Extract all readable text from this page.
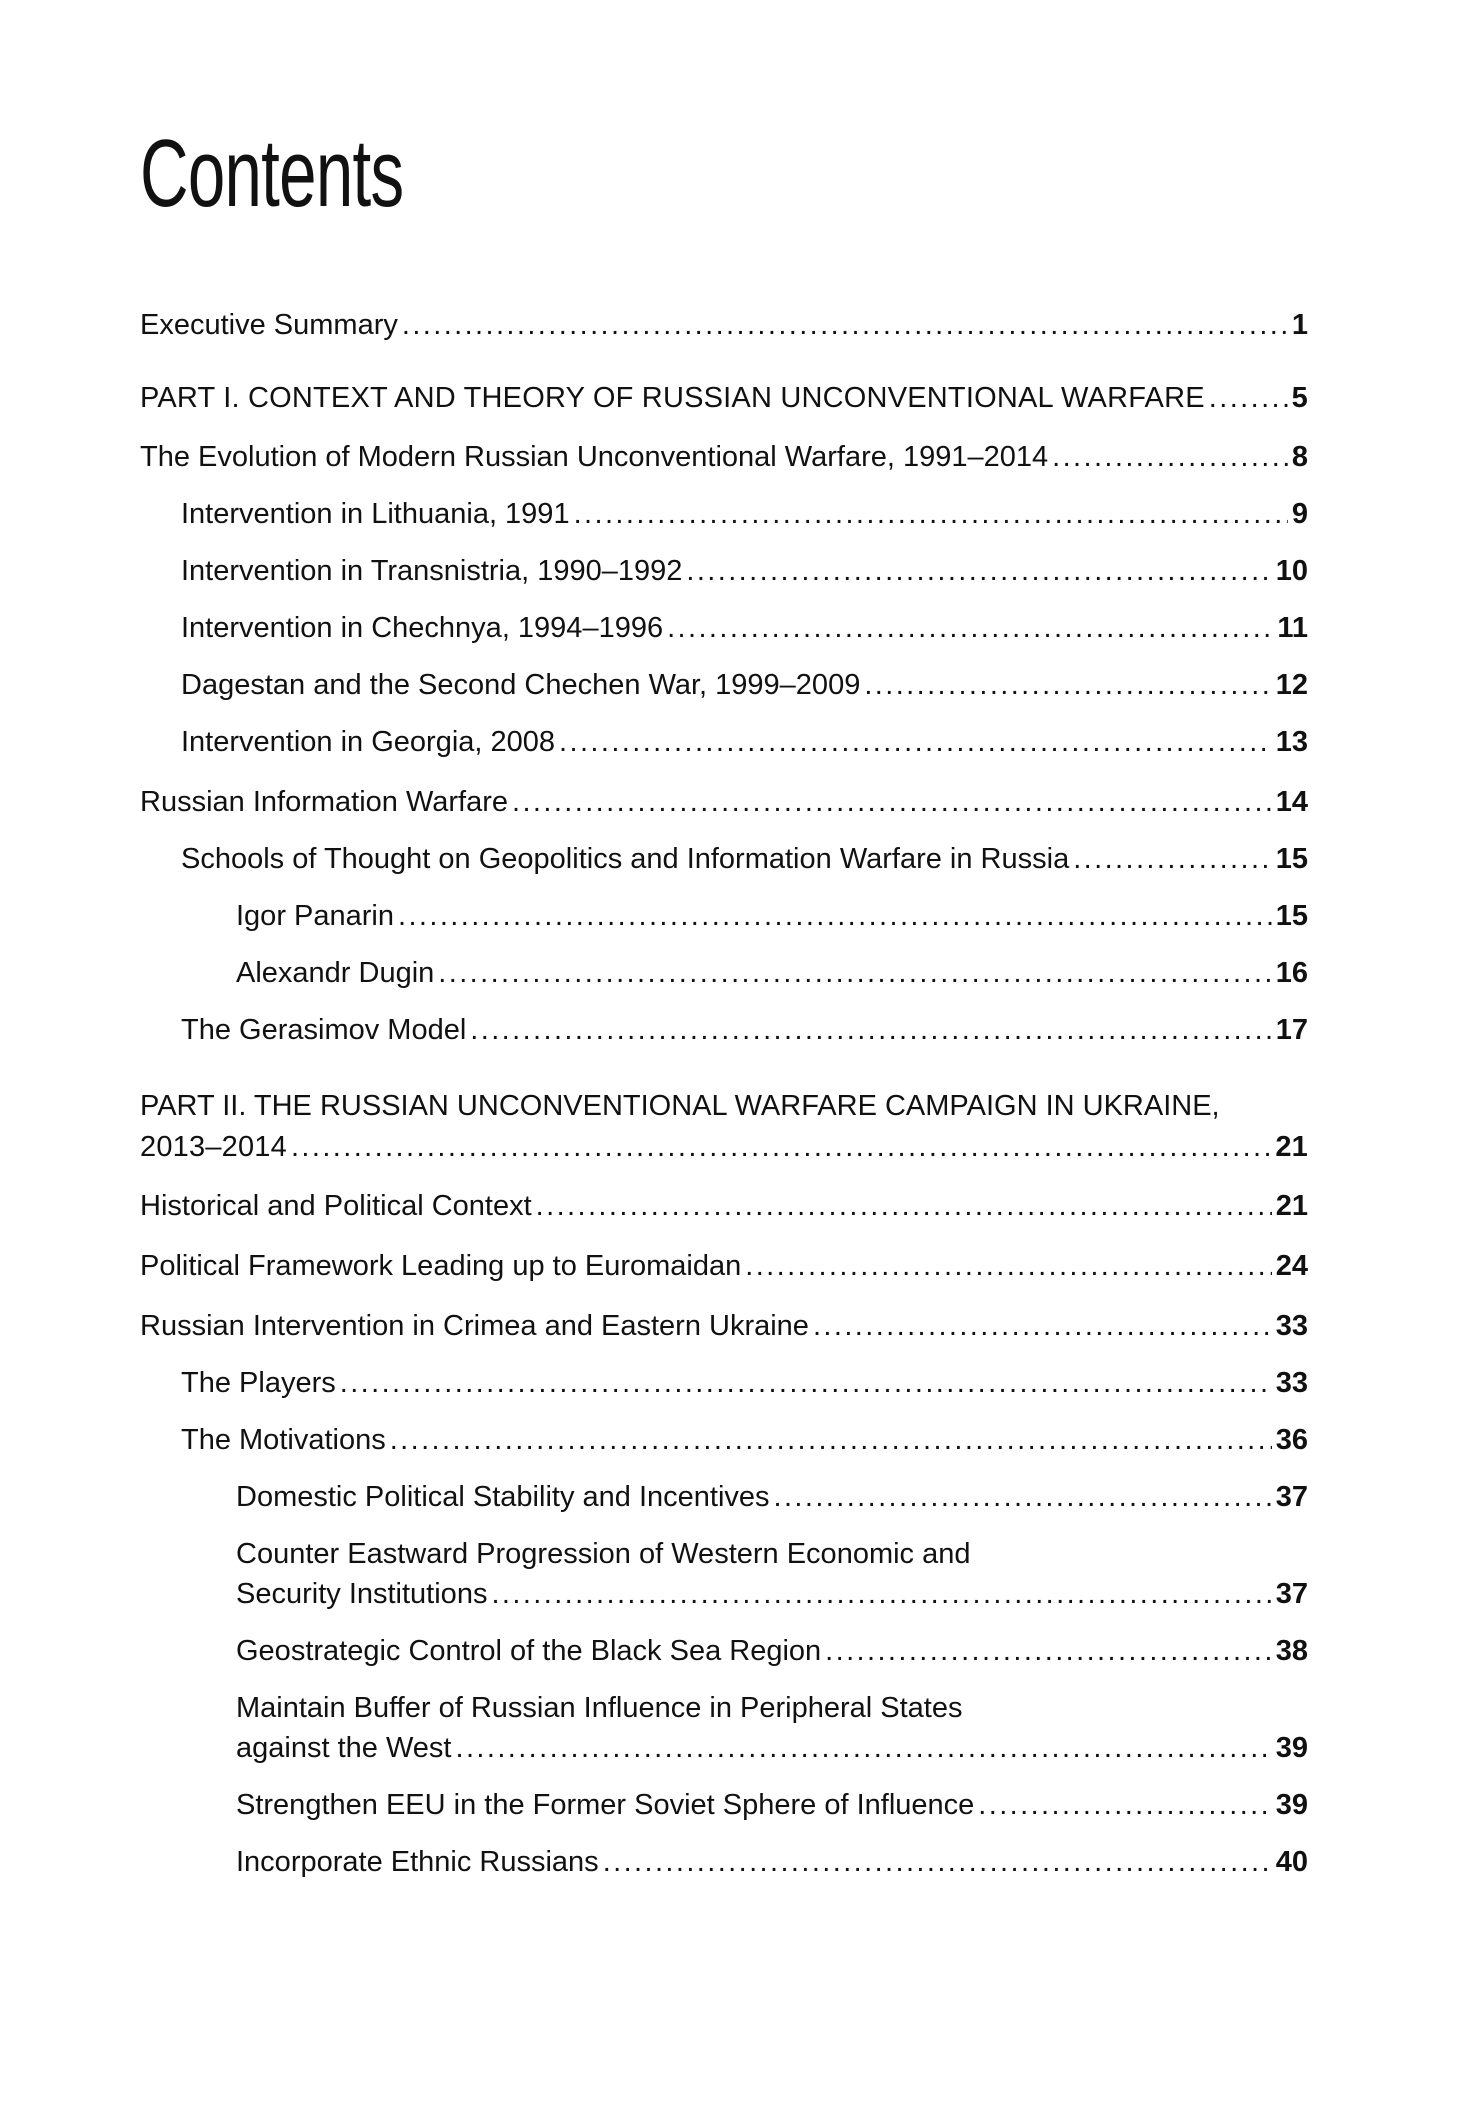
Contents
Executive Summary .....	1
PART I. CONTEXT AND THEORY OF RUSSIAN UNCONVENTIONAL WARFARE .....	5
The Evolution of Modern Russian Unconventional Warfare, 1991–2014 .....	8
Intervention in Lithuania, 1991 .....	9
Intervention in Transnistria, 1990–1992 .....	10
Intervention in Chechnya, 1994–1996 .....	11
Dagestan and the Second Chechen War, 1999–2009 .....	12
Intervention in Georgia, 2008 .....	13
Russian Information Warfare .....	14
Schools of Thought on Geopolitics and Information Warfare in Russia .....	15
Igor Panarin .....	15
Alexandr Dugin .....	16
The Gerasimov Model .....	17
PART II. THE RUSSIAN UNCONVENTIONAL WARFARE CAMPAIGN IN UKRAINE,
2013–2014 .....	21
Historical and Political Context .....	21
Political Framework Leading up to Euromaidan .....	24
Russian Intervention in Crimea and Eastern Ukraine .....	33
The Players .....	33
The Motivations .....	36
Domestic Political Stability and Incentives .....	37
Counter Eastward Progression of Western Economic and
Security Institutions .....	37
Geostrategic Control of the Black Sea Region .....	38
Maintain Buffer of Russian Influence in Peripheral States
against the West .....	39
Strengthen EEU in the Former Soviet Sphere of Influence .....	39
Incorporate Ethnic Russians .....	40
